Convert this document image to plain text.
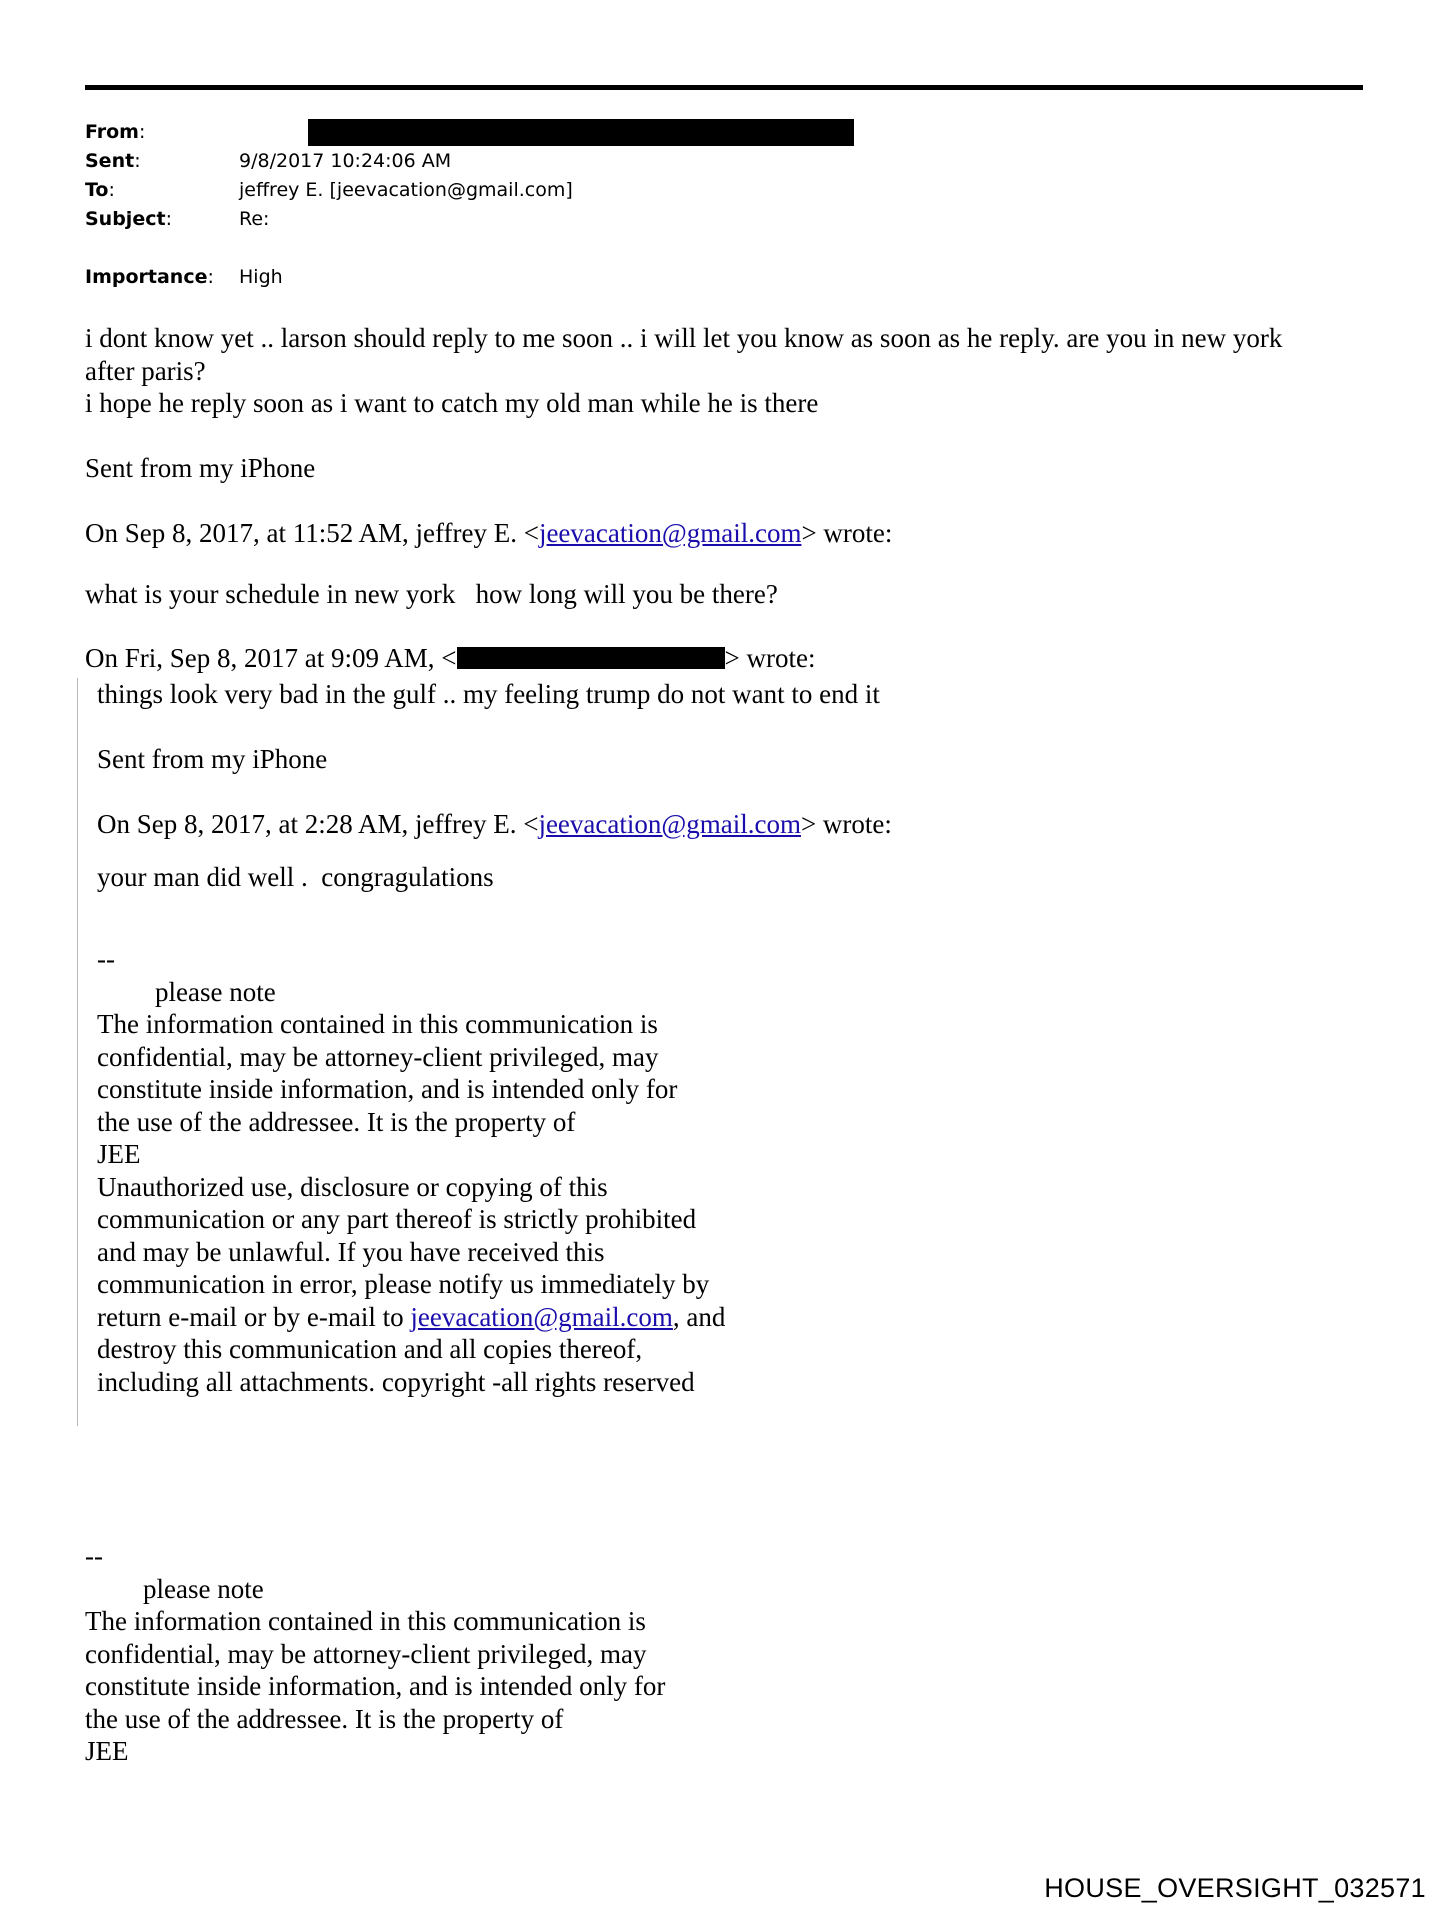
From:
Sent:	9/8/2017 10:24:06 AM
To:	jeffrey E. [jeevacation@gmail.com]
Subject:	Re:
Importance:	High

i dont know yet .. larson should reply to me soon .. i will let you know as soon as he reply. are you in new york

after paris?

i hope he reply soon as i want to catch my old man while he is there

Sent from my iPhone

On Sep 8, 2017, at 11:52 AM, jeffrey E. <jeevacation@gmail.com> wrote:

what is your schedule in new york   how long will you be there?

On Fri, Sep 8, 2017 at 9:09 AM, <	> wrote:

things look very bad in the gulf .. my feeling trump do not want to end it

Sent from my iPhone

On Sep 8, 2017, at 2:28 AM, jeffrey E. <jeevacation@gmail.com> wrote:

your man did well .  congragulations

--

please note

The information contained in this communication is

confidential, may be attorney-client privileged, may

constitute inside information, and is intended only for

the use of the addressee. It is the property of

JEE

Unauthorized use, disclosure or copying of this

communication or any part thereof is strictly prohibited

and may be unlawful. If you have received this

communication in error, please notify us immediately by

return e-mail or by e-mail to jeevacation@gmail.com, and

destroy this communication and all copies thereof,

including all attachments. copyright -all rights reserved

--

please note

The information contained in this communication is

confidential, may be attorney-client privileged, may

constitute inside information, and is intended only for

the use of the addressee. It is the property of

JEE

HOUSE_OVERSIGHT_032571
